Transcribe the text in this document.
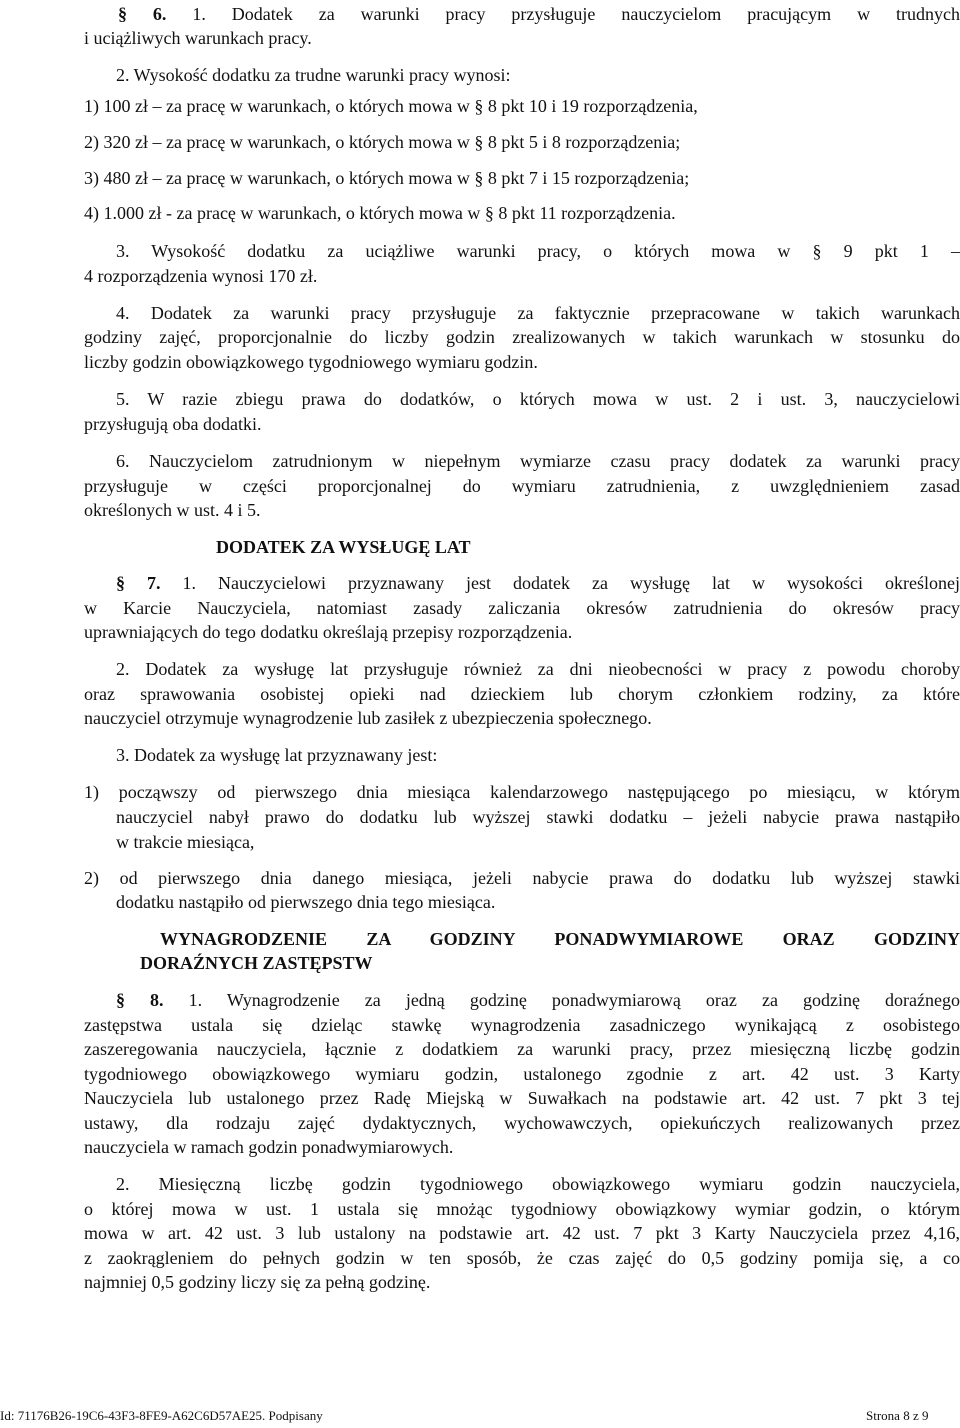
§ 6. 1. Dodatek za warunki pracy przysługuje nauczycielom pracującym w trudnych
i uciążliwych warunkach pracy.
2. Wysokość dodatku za trudne warunki pracy wynosi:
1) 100 zł – za pracę w warunkach, o których mowa w § 8 pkt 10 i 19 rozporządzenia,
2) 320 zł – za pracę w warunkach, o których mowa w § 8 pkt 5 i 8 rozporządzenia;
3) 480 zł – za pracę w warunkach, o których mowa w § 8 pkt 7 i 15 rozporządzenia;
4) 1.000 zł - za pracę w warunkach, o których mowa w § 8 pkt 11 rozporządzenia.
3. Wysokość dodatku za uciążliwe warunki pracy, o których mowa w § 9 pkt 1 –
4 rozporządzenia wynosi 170 zł.
4. Dodatek za warunki pracy przysługuje za faktycznie przepracowane w takich warunkach
godziny zajęć, proporcjonalnie do liczby godzin zrealizowanych w takich warunkach w stosunku do
liczby godzin obowiązkowego tygodniowego wymiaru godzin.
5. W razie zbiegu prawa do dodatków, o których mowa w ust. 2 i ust. 3, nauczycielowi
przysługują oba dodatki.
6. Nauczycielom zatrudnionym w niepełnym wymiarze czasu pracy dodatek za warunki pracy
przysługuje w części proporcjonalnej do wymiaru zatrudnienia, z uwzględnieniem zasad
określonych w ust. 4 i 5.
DODATEK ZA WYSŁUGĘ LAT
§ 7. 1. Nauczycielowi przyznawany jest dodatek za wysługę lat w wysokości określonej
w Karcie Nauczyciela, natomiast zasady zaliczania okresów zatrudnienia do okresów pracy
uprawniających do tego dodatku określają przepisy rozporządzenia.
2. Dodatek za wysługę lat przysługuje również za dni nieobecności w pracy z powodu choroby
oraz sprawowania osobistej opieki nad dzieckiem lub chorym członkiem rodziny, za które
nauczyciel otrzymuje wynagrodzenie lub zasiłek z ubezpieczenia społecznego.
3. Dodatek za wysługę lat przyznawany jest:
1) począwszy od pierwszego dnia miesiąca kalendarzowego następującego po miesiącu, w którym
nauczyciel nabył prawo do dodatku lub wyższej stawki dodatku – jeżeli nabycie prawa nastąpiło
w trakcie miesiąca,
2) od pierwszego dnia danego miesiąca, jeżeli nabycie prawa do dodatku lub wyższej stawki
dodatku nastąpiło od pierwszego dnia tego miesiąca.
WYNAGRODZENIE ZA GODZINY PONADWYMIAROWE ORAZ GODZINY
DORAŹNYCH ZASTĘPSTW
§ 8. 1. Wynagrodzenie za jedną godzinę ponadwymiarową oraz za godzinę doraźnego
zastępstwa ustala się dzieląc stawkę wynagrodzenia zasadniczego wynikającą z osobistego
zaszeregowania nauczyciela, łącznie z dodatkiem za warunki pracy, przez miesięczną liczbę godzin
tygodniowego obowiązkowego wymiaru godzin, ustalonego zgodnie z art. 42 ust. 3 Karty
Nauczyciela lub ustalonego przez Radę Miejską w Suwałkach na podstawie art. 42 ust. 7 pkt 3 tej
ustawy, dla rodzaju zajęć dydaktycznych, wychowawczych, opiekuńczych realizowanych przez
nauczyciela w ramach godzin ponadwymiarowych.
2. Miesięczną liczbę godzin tygodniowego obowiązkowego wymiaru godzin nauczyciela,
o której mowa w ust. 1 ustala się mnożąc tygodniowy obowiązkowy wymiar godzin, o którym
mowa w art. 42 ust. 3 lub ustalony na podstawie art. 42 ust. 7 pkt 3 Karty Nauczyciela przez 4,16,
z zaokrągleniem do pełnych godzin w ten sposób, że czas zajęć do 0,5 godziny pomija się, a co
najmniej 0,5 godziny liczy się za pełną godzinę.
Id: 71176B26-19C6-43F3-8FE9-A62C6D57AE25. Podpisany	Strona 8 z 9
